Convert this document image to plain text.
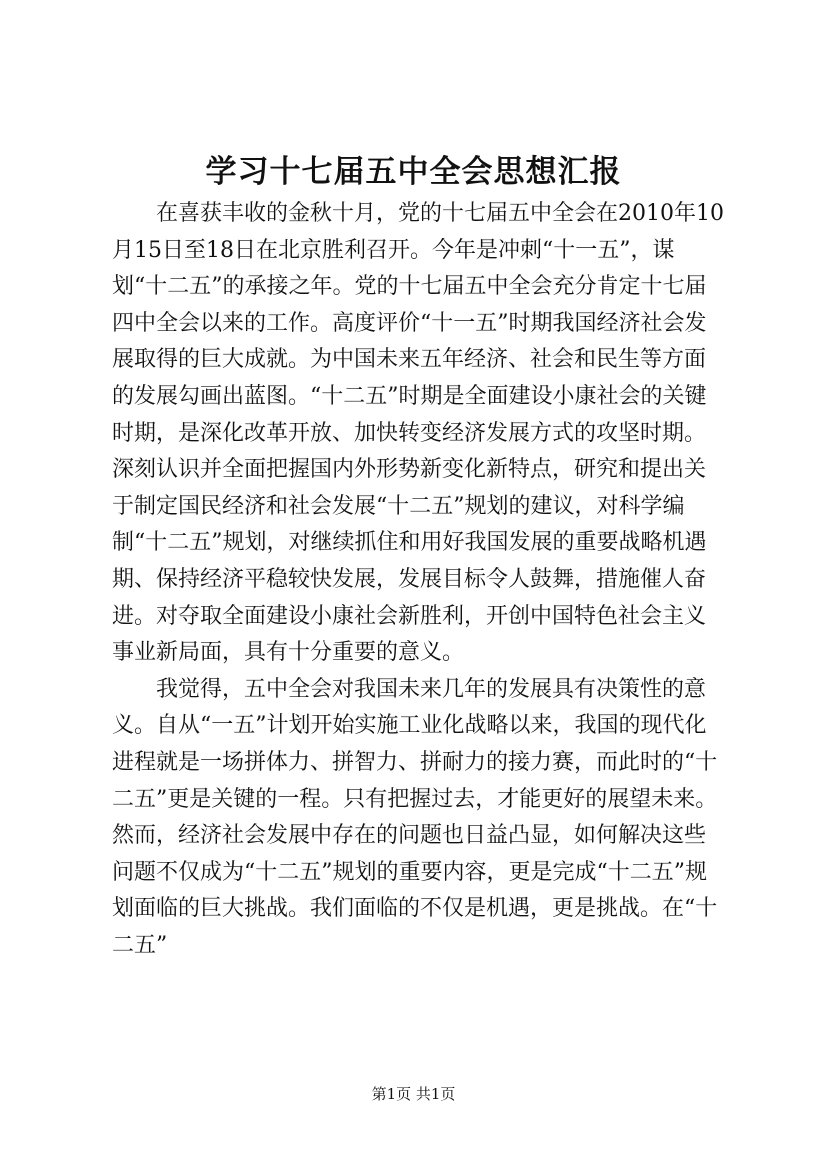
学习十七届五中全会思想汇报

在喜获丰收的金秋十月，党的十七届五中全会在2010年10月15日至18日在北京胜利召开。今年是冲刺“十一五”，谋划“十二五”的承接之年。党的十七届五中全会充分肯定十七届四中全会以来的工作。高度评价“十一五”时期我国经济社会发展取得的巨大成就。为中国未来五年经济、社会和民生等方面的发展勾画出蓝图。“十二五”时期是全面建设小康社会的关键时期，是深化改革开放、加快转变经济发展方式的攻坚时期。深刻认识并全面把握国内外形势新变化新特点，研究和提出关于制定国民经济和社会发展“十二五”规划的建议，对科学编制“十二五”规划，对继续抓住和用好我国发展的重要战略机遇期、保持经济平稳较快发展，发展目标令人鼓舞，措施催人奋进。对夺取全面建设小康社会新胜利，开创中国特色社会主义事业新局面，具有十分重要的意义。

我觉得，五中全会对我国未来几年的发展具有决策性的意义。自从“一五”计划开始实施工业化战略以来，我国的现代化进程就是一场拼体力、拼智力、拼耐力的接力赛，而此时的“十二五”更是关键的一程。只有把握过去，才能更好的展望未来。然而，经济社会发展中存在的问题也日益凸显，如何解决这些问题不仅成为“十二五”规划的重要内容，更是完成“十二五”规划面临的巨大挑战。我们面临的不仅是机遇，更是挑战。在“十二五”

第1页 共1页
